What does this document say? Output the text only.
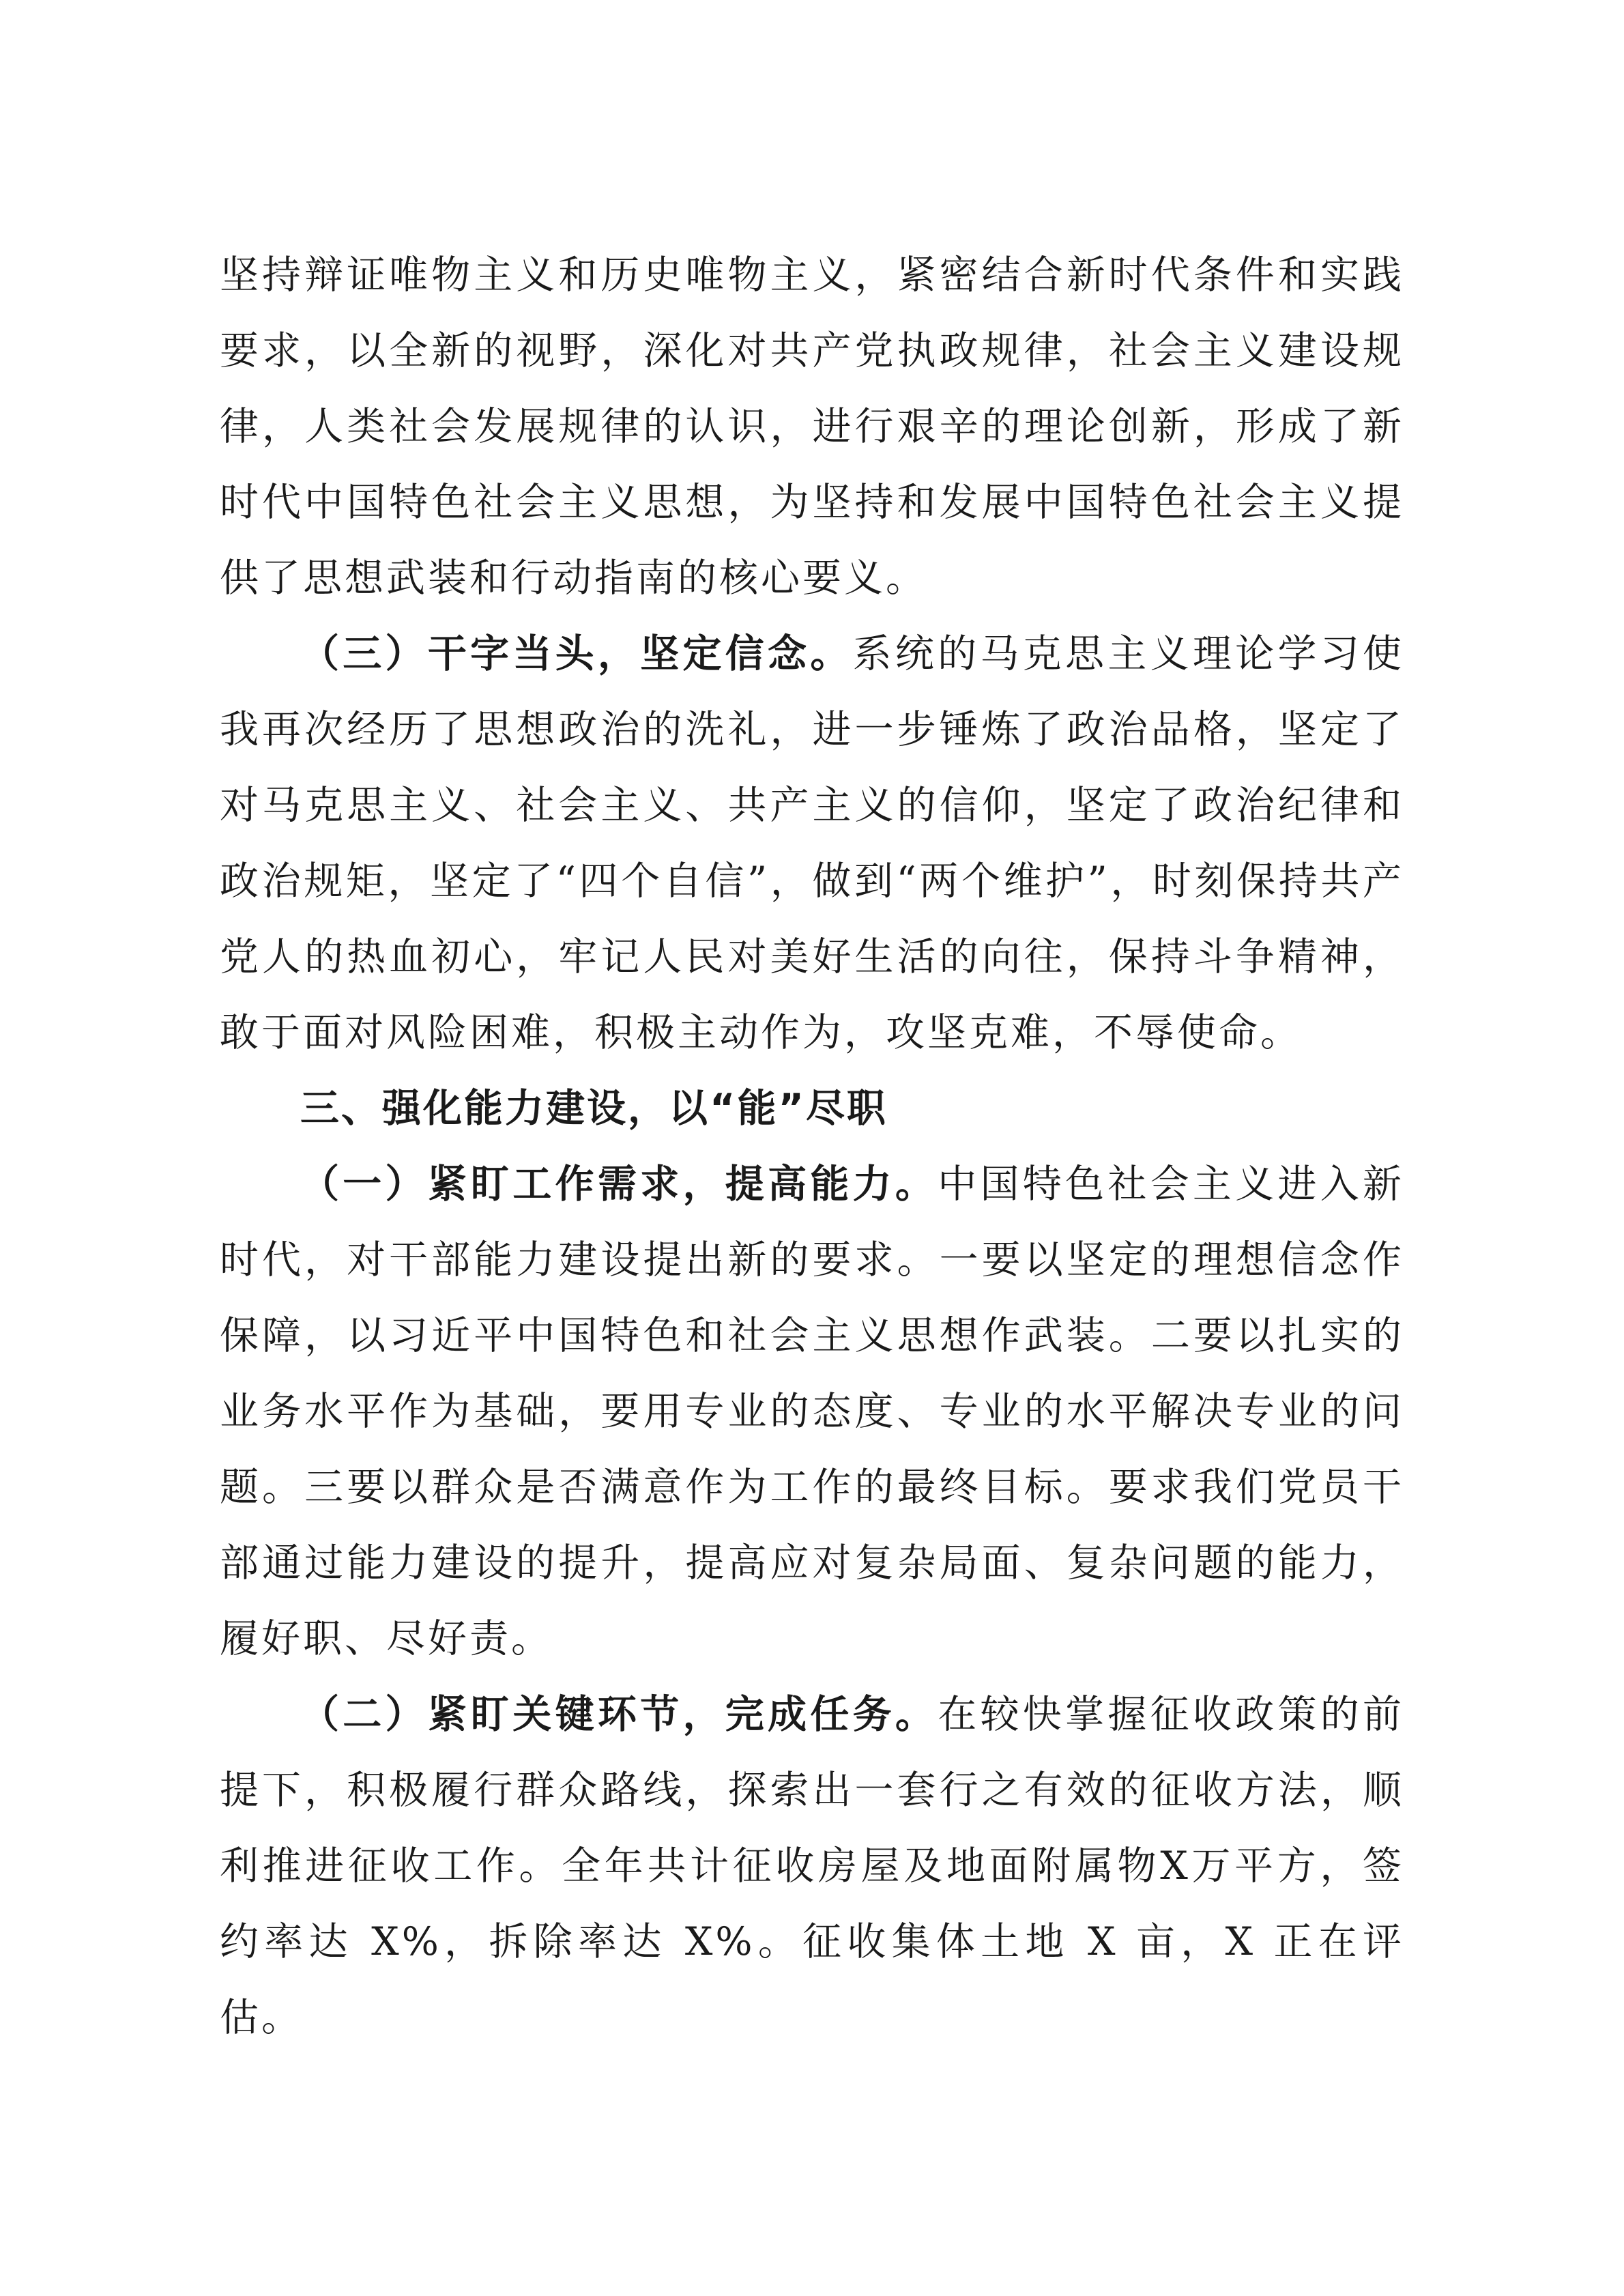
坚持辩证唯物主义和历史唯物主义，紧密结合新时代条件和实践要求，以全新的视野，深化对共产党执政规律，社会主义建设规律，人类社会发展规律的认识，进行艰辛的理论创新，形成了新时代中国特色社会主义思想，为坚持和发展中国特色社会主义提供了思想武装和行动指南的核心要义。

（三）干字当头，坚定信念。系统的马克思主义理论学习使我再次经历了思想政治的洗礼，进一步锤炼了政治品格，坚定了对马克思主义、社会主义、共产主义的信仰，坚定了政治纪律和政治规矩，坚定了“四个自信”，做到“两个维护”，时刻保持共产党人的热血初心，牢记人民对美好生活的向往，保持斗争精神，敢于面对风险困难，积极主动作为，攻坚克难，不辱使命。

三、强化能力建设，以“能”尽职

（一）紧盯工作需求，提高能力。中国特色社会主义进入新时代，对干部能力建设提出新的要求。一要以坚定的理想信念作保障，以习近平中国特色和社会主义思想作武装。二要以扎实的业务水平作为基础，要用专业的态度、专业的水平解决专业的问题。三要以群众是否满意作为工作的最终目标。要求我们党员干部通过能力建设的提升，提高应对复杂局面、复杂问题的能力，履好职、尽好责。

（二）紧盯关键环节，完成任务。在较快掌握征收政策的前提下，积极履行群众路线，探索出一套行之有效的征收方法，顺利推进征收工作。全年共计征收房屋及地面附属物X万平方，签约率达 X%，拆除率达 X%。征收集体土地 X 亩，X 正在评估。
